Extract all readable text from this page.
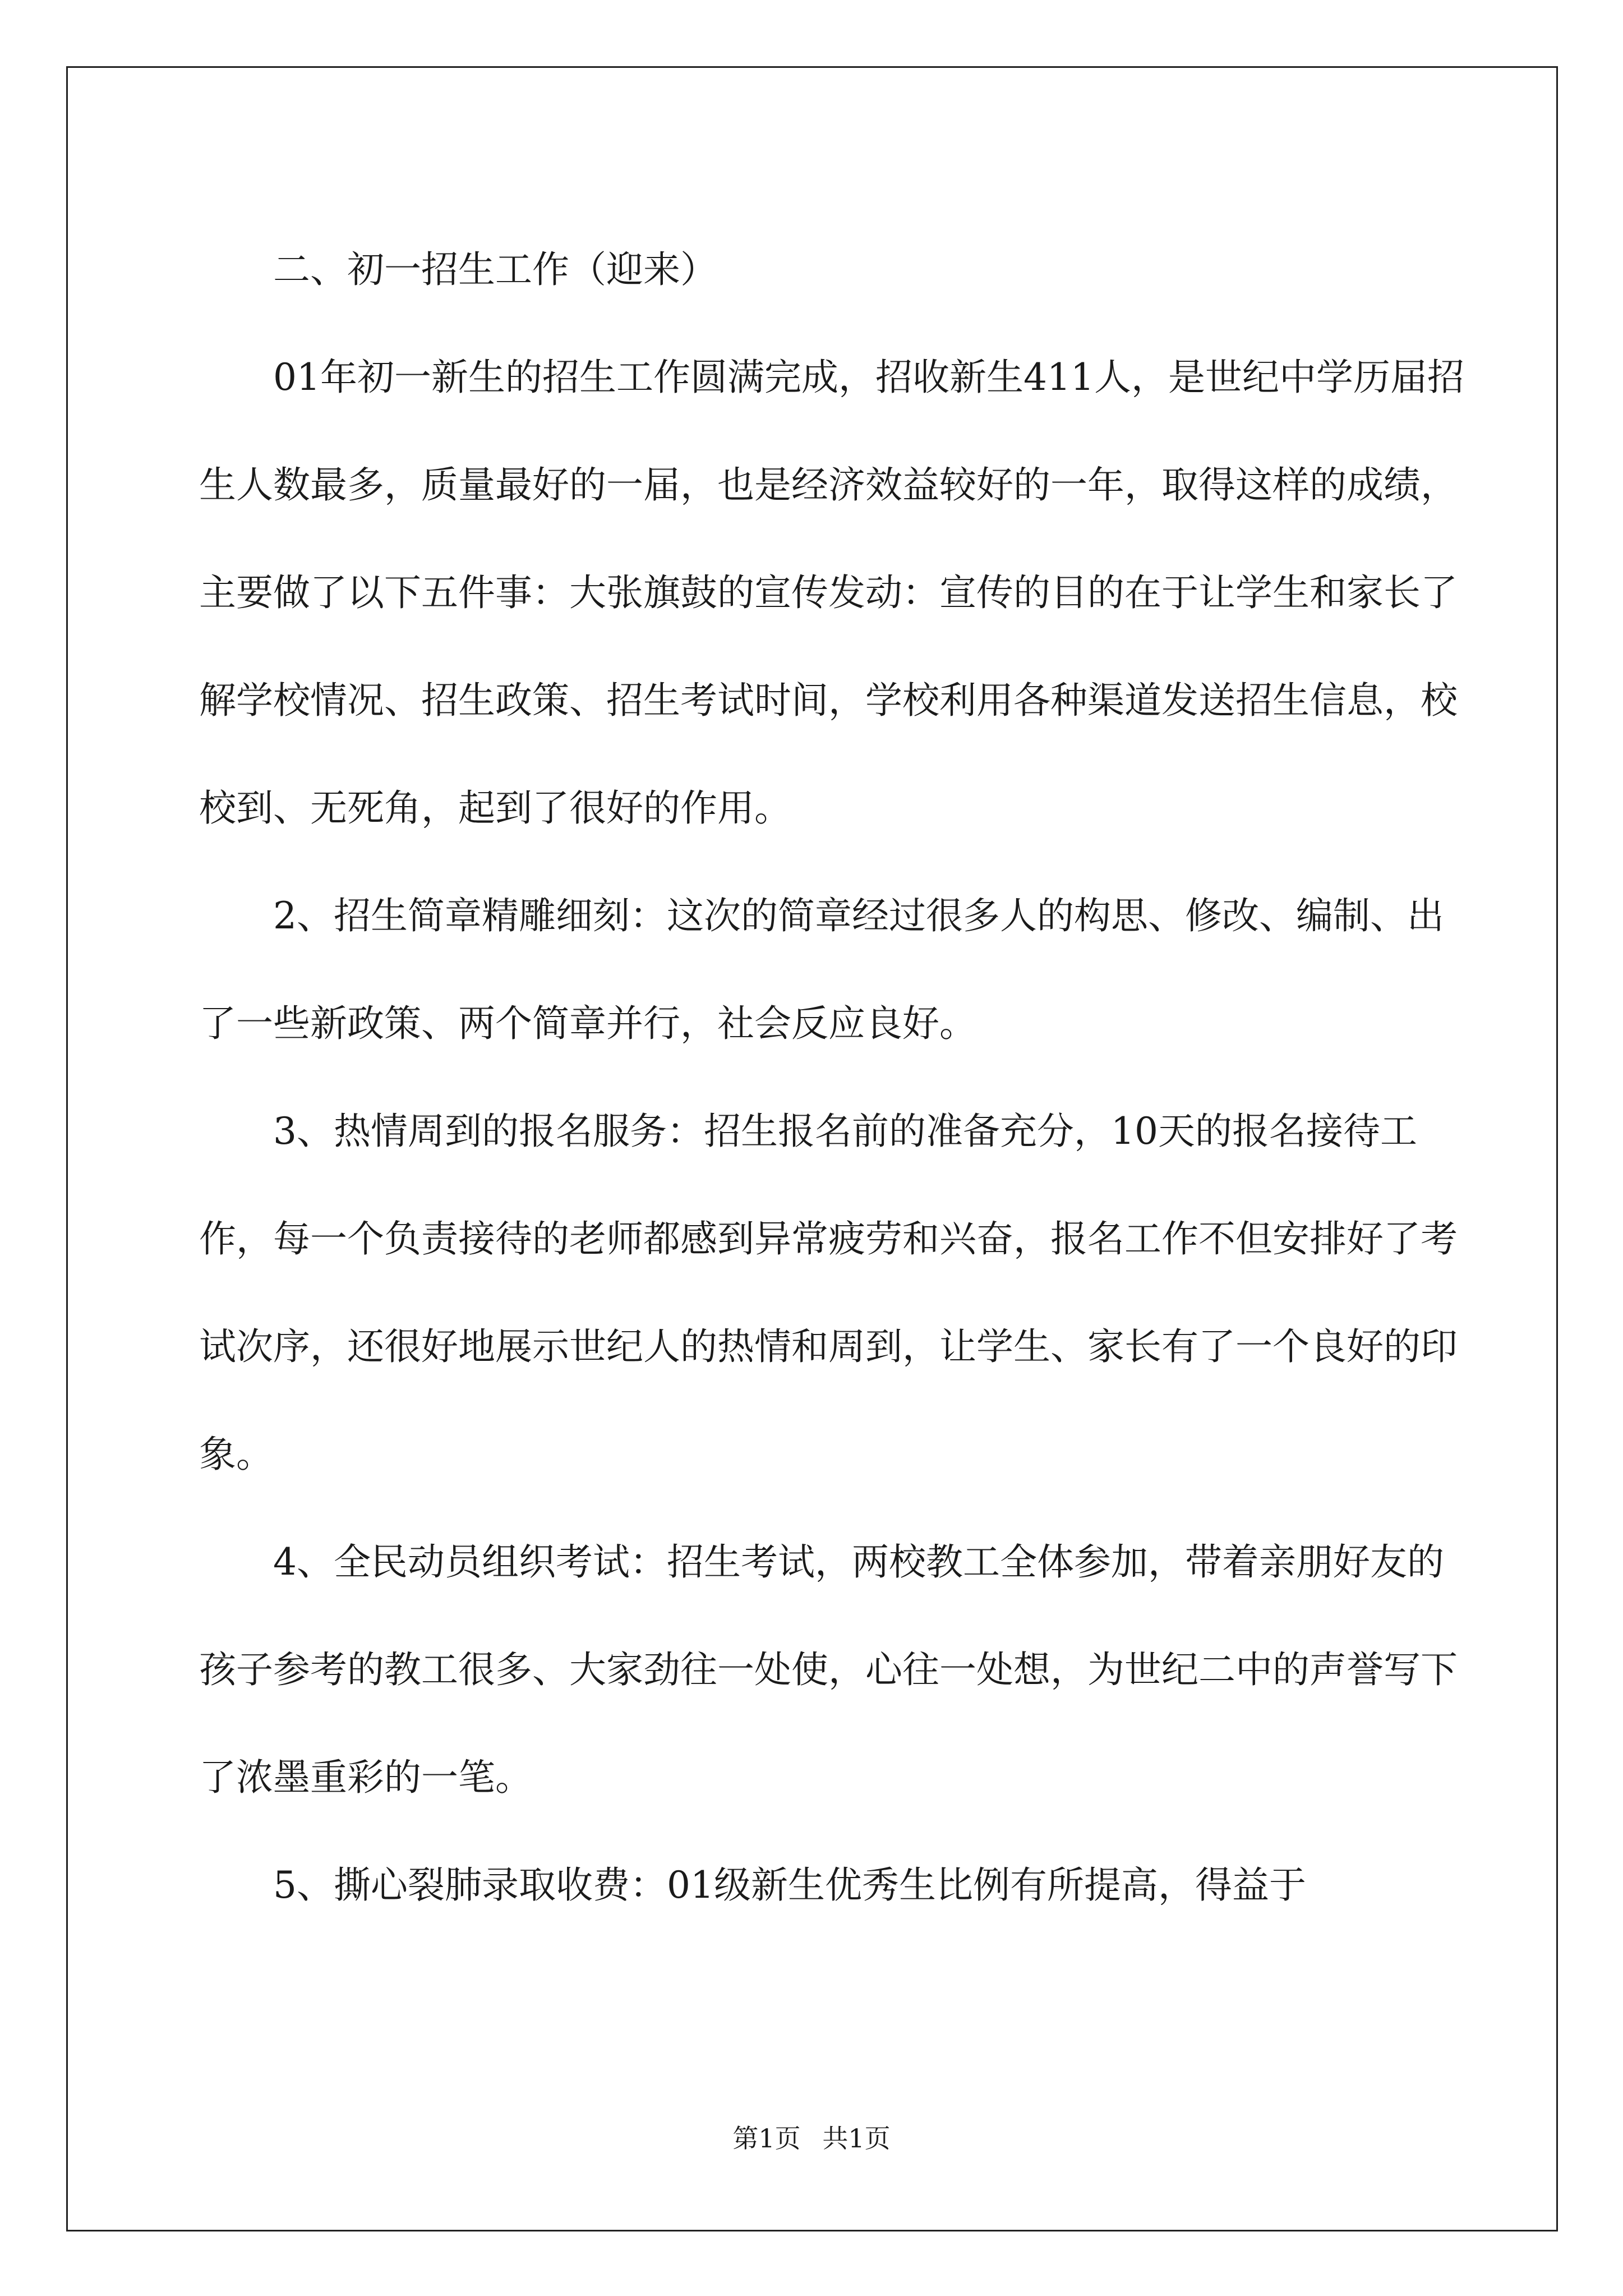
二、初一招生工作（迎来）

01年初一新生的招生工作圆满完成，招收新生411人，是世纪中学历届招生人数最多，质量最好的一届，也是经济效益较好的一年，取得这样的成绩，主要做了以下五件事：大张旗鼓的宣传发动：宣传的目的在于让学生和家长了解学校情况、招生政策、招生考试时间，学校利用各种渠道发送招生信息，校校到、无死角，起到了很好的作用。

2、招生简章精雕细刻：这次的简章经过很多人的构思、修改、编制、出了一些新政策、两个简章并行，社会反应良好。

3、热情周到的报名服务：招生报名前的准备充分，10天的报名接待工作，每一个负责接待的老师都感到异常疲劳和兴奋，报名工作不但安排好了考试次序，还很好地展示世纪人的热情和周到，让学生、家长有了一个良好的印象。

4、全民动员组织考试：招生考试，两校教工全体参加，带着亲朋好友的孩子参考的教工很多、大家劲往一处使，心往一处想，为世纪二中的声誉写下了浓墨重彩的一笔。

5、撕心裂肺录取收费：01级新生优秀生比例有所提高，得益于

第1页 共1页
